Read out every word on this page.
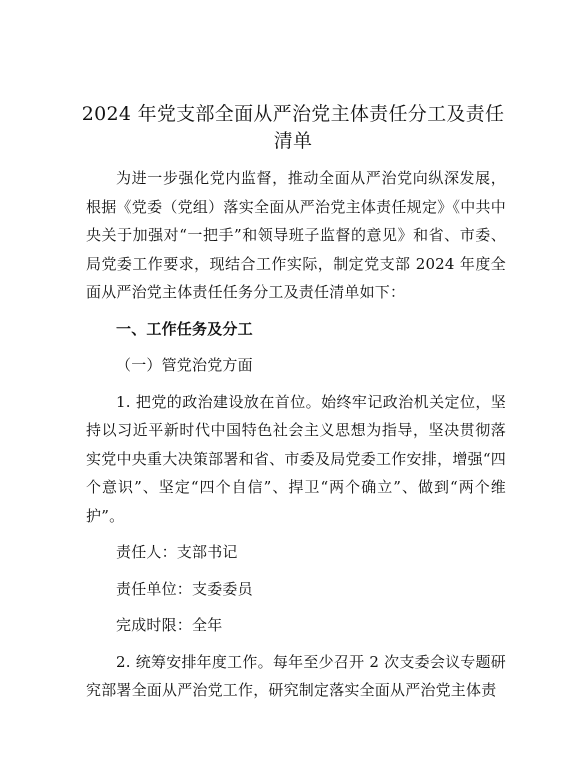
2024 年党支部全面从严治党主体责任分工及责任清单

为进一步强化党内监督，推动全面从严治党向纵深发展，根据《党委（党组）落实全面从严治党主体责任规定》《中共中央关于加强对“一把手”和领导班子监督的意见》和省、市委、局党委工作要求，现结合工作实际，制定党支部 2024 年度全面从严治党主体责任任务分工及责任清单如下：

一、工作任务及分工

（一）管党治党方面

1. 把党的政治建设放在首位。始终牢记政治机关定位，坚持以习近平新时代中国特色社会主义思想为指导，坚决贯彻落实党中央重大决策部署和省、市委及局党委工作安排，增强“四个意识”、坚定“四个自信”、捍卫“两个确立”、做到“两个维护”。

责任人：支部书记

责任单位：支委委员

完成时限：全年

2. 统筹安排年度工作。每年至少召开 2 次支委会议专题研究部署全面从严治党工作，研究制定落实全面从严治党主体责
